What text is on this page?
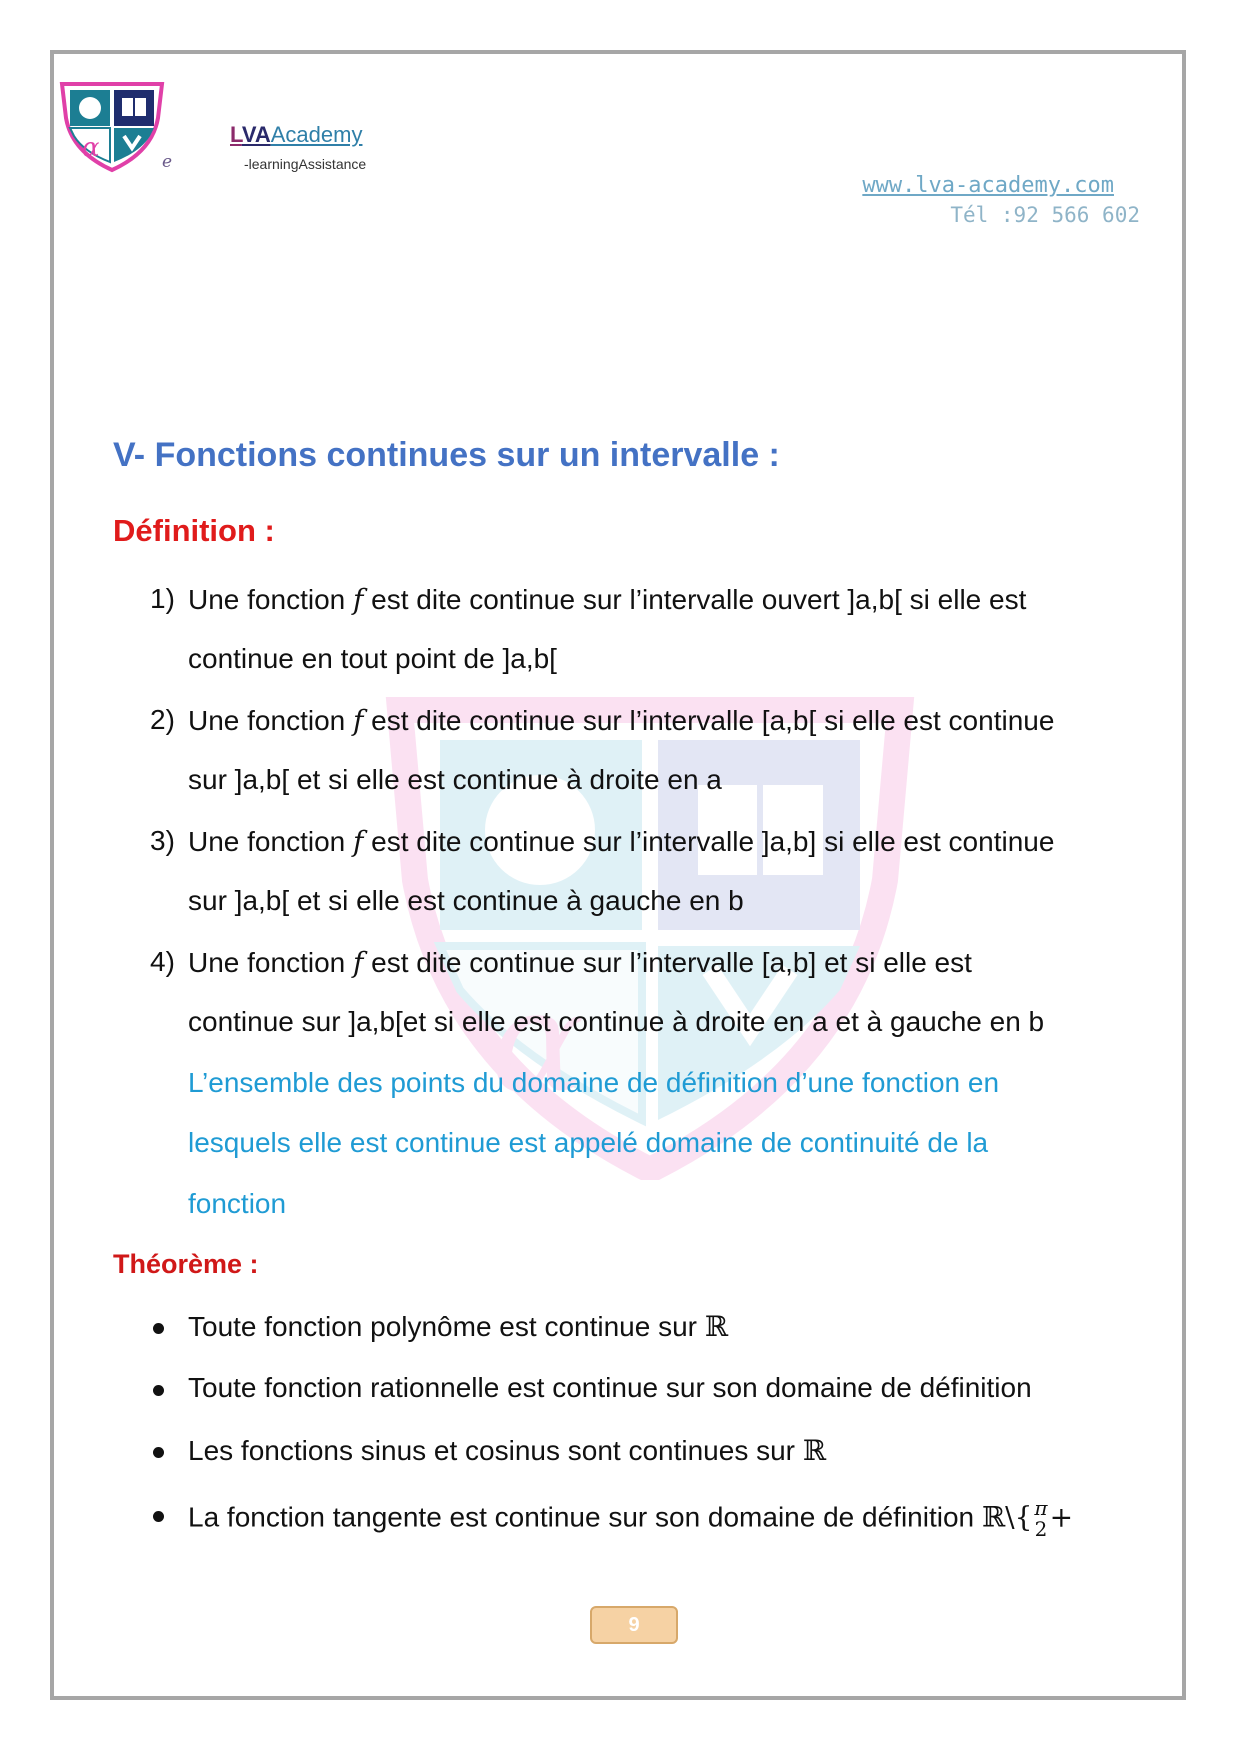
α	e
LVAAcademy
-learningAssistance
www.lva-academy.com
Tél :92 566 602
α
V- Fonctions continues sur un intervalle :
Définition :
1) Une fonction f est dite continue sur l’intervalle ouvert ]a,b[ si elle est
continue en tout point de ]a,b[
2) Une fonction f est dite continue sur l’intervalle [a,b[ si elle est continue
sur ]a,b[ et si elle est continue à droite en a
3) Une fonction f est dite continue sur l’intervalle ]a,b] si elle est continue
sur ]a,b[ et si elle est continue à gauche en b
4) Une fonction f est dite continue sur l’intervalle [a,b] et si elle est
continue sur ]a,b[et si elle est continue à droite en a et à gauche en b
L’ensemble des points du domaine de définition d’une fonction en
lesquels elle est continue est appelé domaine de continuité de la
fonction
Théorème :
Toute fonction polynôme est continue sur ℝ
Toute fonction rationnelle est continue sur son domaine de définition
Les fonctions sinus et cosinus sont continues sur ℝ
La fonction tangente est continue sur son domaine de définition ℝ\{ π
2 +
9
